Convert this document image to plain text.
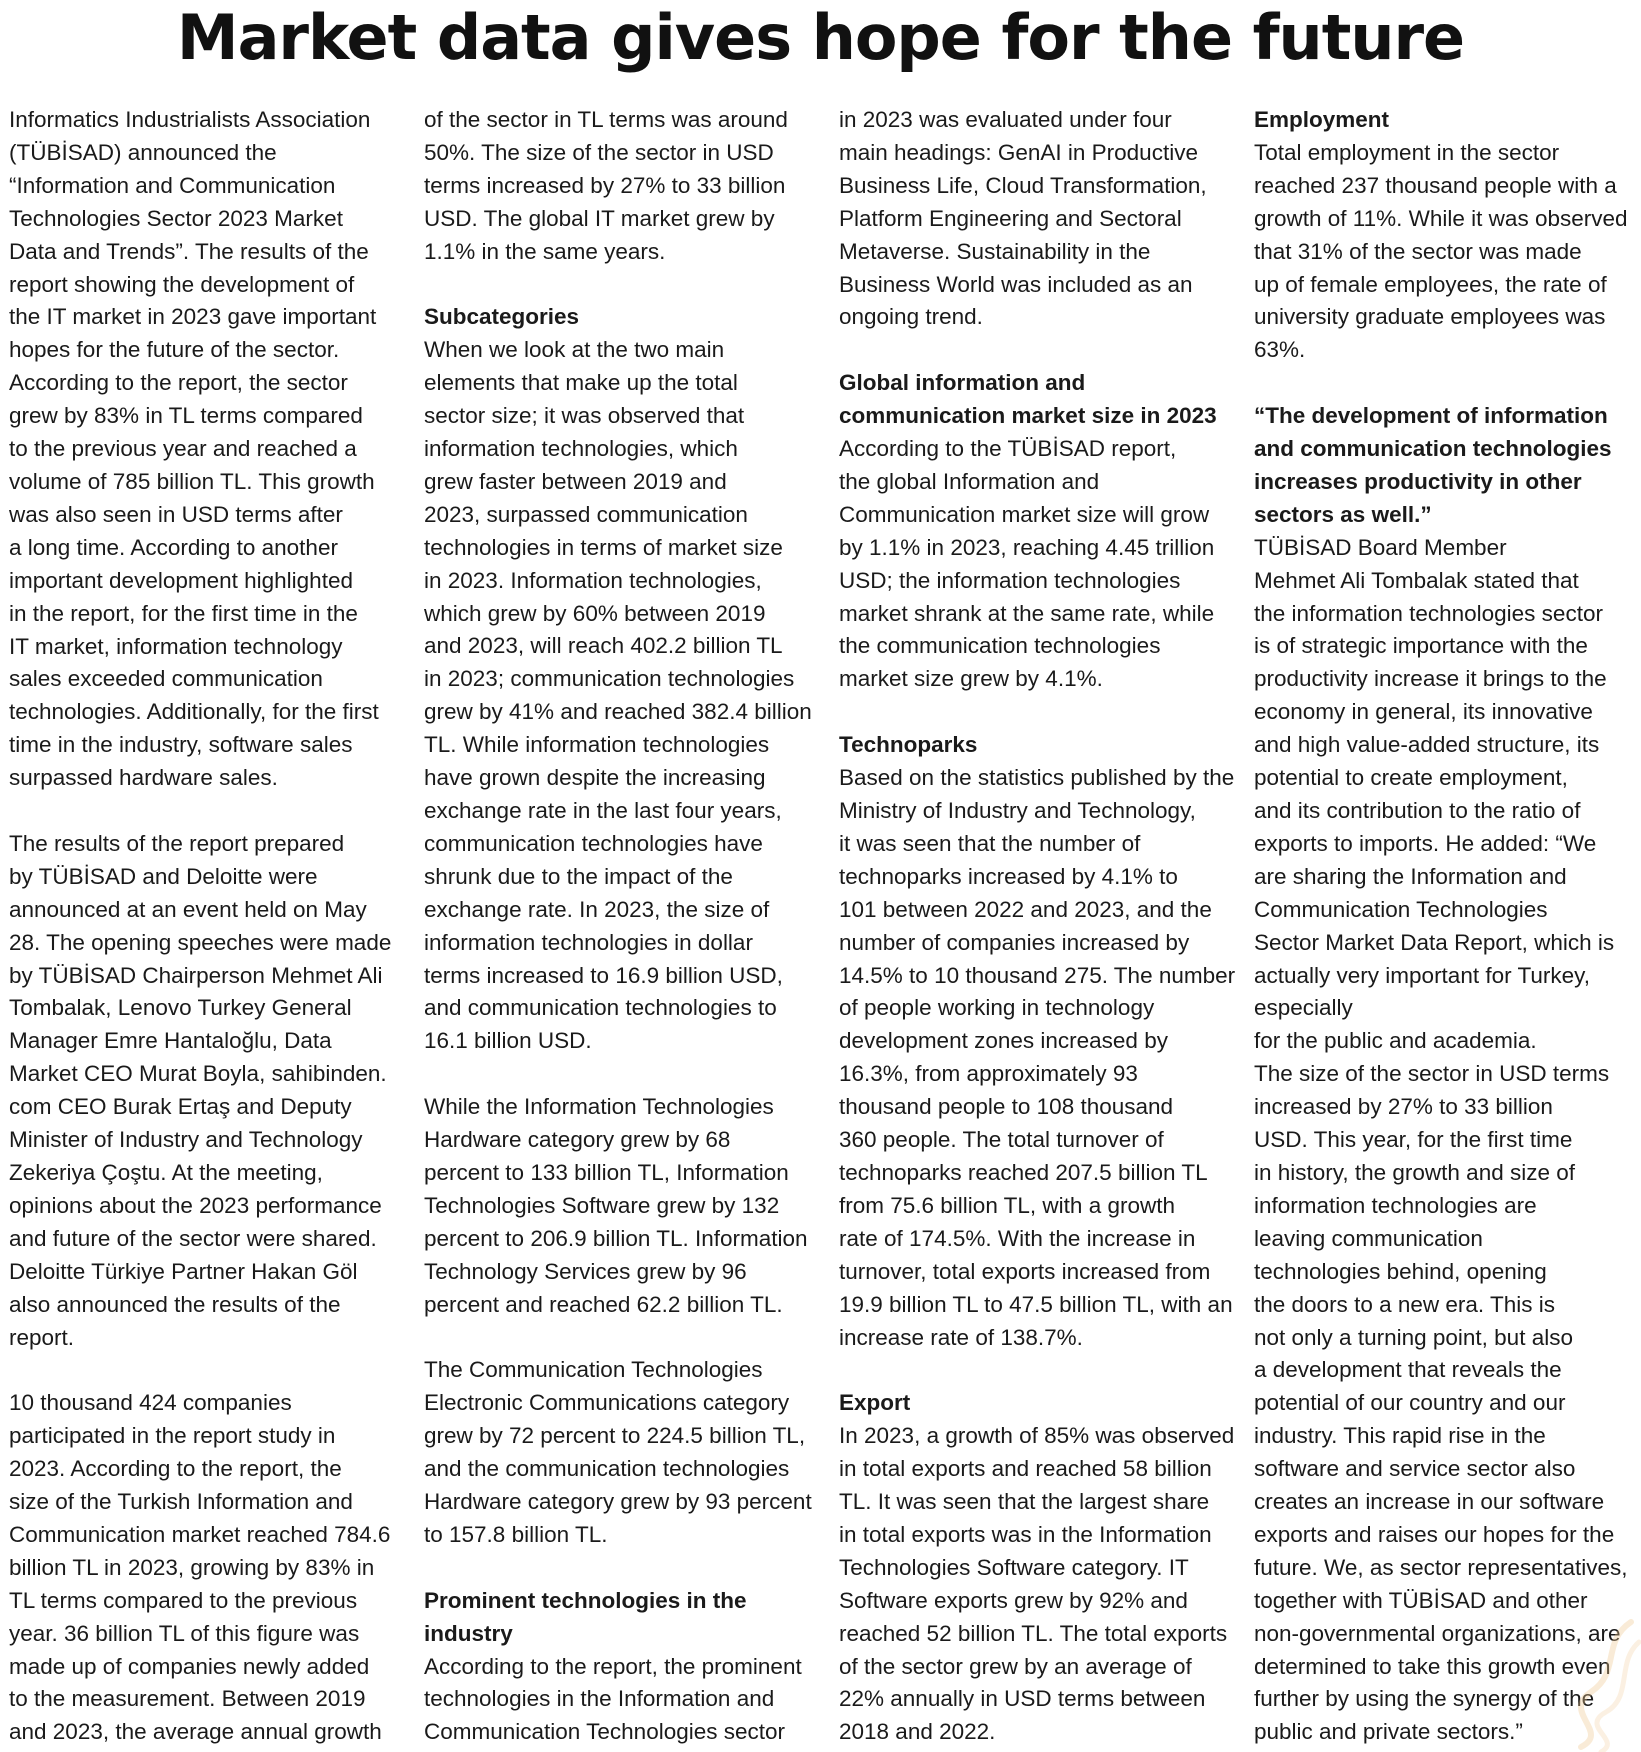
Market data gives hope for the future

Informatics Industrialists Association
(TÜBİSAD) announced the
“Information and Communication
Technologies Sector 2023 Market
Data and Trends”. The results of the
report showing the development of
the IT market in 2023 gave important
hopes for the future of the sector.
According to the report, the sector
grew by 83% in TL terms compared
to the previous year and reached a
volume of 785 billion TL. This growth
was also seen in USD terms after
a long time. According to another
important development highlighted
in the report, for the first time in the
IT market, information technology
sales exceeded communication
technologies. Additionally, for the first
time in the industry, software sales
surpassed hardware sales.

The results of the report prepared
by TÜBİSAD and Deloitte were
announced at an event held on May
28. The opening speeches were made
by TÜBİSAD Chairperson Mehmet Ali
Tombalak, Lenovo Turkey General
Manager Emre Hantaloğlu, Data
Market CEO Murat Boyla, sahibinden.
com CEO Burak Ertaş and Deputy
Minister of Industry and Technology
Zekeriya Çoştu. At the meeting,
opinions about the 2023 performance
and future of the sector were shared.
Deloitte Türkiye Partner Hakan Göl
also announced the results of the
report.

10 thousand 424 companies
participated in the report study in
2023. According to the report, the
size of the Turkish Information and
Communication market reached 784.6
billion TL in 2023, growing by 83% in
TL terms compared to the previous
year. 36 billion TL of this figure was
made up of companies newly added
to the measurement. Between 2019
and 2023, the average annual growth

of the sector in TL terms was around
50%. The size of the sector in USD
terms increased by 27% to 33 billion
USD. The global IT market grew by
1.1% in the same years.

Subcategories
When we look at the two main
elements that make up the total
sector size; it was observed that
information technologies, which
grew faster between 2019 and
2023, surpassed communication
technologies in terms of market size
in 2023. Information technologies,
which grew by 60% between 2019
and 2023, will reach 402.2 billion TL
in 2023; communication technologies
grew by 41% and reached 382.4 billion
TL. While information technologies
have grown despite the increasing
exchange rate in the last four years,
communication technologies have
shrunk due to the impact of the
exchange rate. In 2023, the size of
information technologies in dollar
terms increased to 16.9 billion USD,
and communication technologies to
16.1 billion USD.

While the Information Technologies
Hardware category grew by 68
percent to 133 billion TL, Information
Technologies Software grew by 132
percent to 206.9 billion TL. Information
Technology Services grew by 96
percent and reached 62.2 billion TL.

The Communication Technologies
Electronic Communications category
grew by 72 percent to 224.5 billion TL,
and the communication technologies
Hardware category grew by 93 percent
to 157.8 billion TL.

Prominent technologies in the
industry
According to the report, the prominent
technologies in the Information and
Communication Technologies sector

in 2023 was evaluated under four
main headings: GenAI in Productive
Business Life, Cloud Transformation,
Platform Engineering and Sectoral
Metaverse. Sustainability in the
Business World was included as an
ongoing trend.

Global information and
communication market size in 2023
According to the TÜBİSAD report,
the global Information and
Communication market size will grow
by 1.1% in 2023, reaching 4.45 trillion
USD; the information technologies
market shrank at the same rate, while
the communication technologies
market size grew by 4.1%.

Technoparks
Based on the statistics published by the
Ministry of Industry and Technology,
it was seen that the number of
technoparks increased by 4.1% to
101 between 2022 and 2023, and the
number of companies increased by
14.5% to 10 thousand 275. The number
of people working in technology
development zones increased by
16.3%, from approximately 93
thousand people to 108 thousand
360 people. The total turnover of
technoparks reached 207.5 billion TL
from 75.6 billion TL, with a growth
rate of 174.5%. With the increase in
turnover, total exports increased from
19.9 billion TL to 47.5 billion TL, with an
increase rate of 138.7%.

Export
In 2023, a growth of 85% was observed
in total exports and reached 58 billion
TL. It was seen that the largest share
in total exports was in the Information
Technologies Software category. IT
Software exports grew by 92% and
reached 52 billion TL. The total exports
of the sector grew by an average of
22% annually in USD terms between
2018 and 2022.

Employment
Total employment in the sector
reached 237 thousand people with a
growth of 11%. While it was observed
that 31% of the sector was made
up of female employees, the rate of
university graduate employees was
63%.

“The development of information
and communication technologies
increases productivity in other
sectors as well.”
TÜBİSAD Board Member
Mehmet Ali Tombalak stated that
the information technologies sector
is of strategic importance with the
productivity increase it brings to the
economy in general, its innovative
and high value-added structure, its
potential to create employment,
and its contribution to the ratio of
exports to imports. He added: “We
are sharing the Information and
Communication Technologies
Sector Market Data Report, which is
actually very important for Turkey,
especially
for the public and academia.
The size of the sector in USD terms
increased by 27% to 33 billion
USD. This year, for the first time
in history, the growth and size of
information technologies are
leaving communication
technologies behind, opening
the doors to a new era. This is
not only a turning point, but also
a development that reveals the
potential of our country and our
industry. This rapid rise in the
software and service sector also
creates an increase in our software
exports and raises our hopes for the
future. We, as sector representatives,
together with TÜBİSAD and other
non-governmental organizations, are
determined to take this growth even
further by using the synergy of the
public and private sectors.”
